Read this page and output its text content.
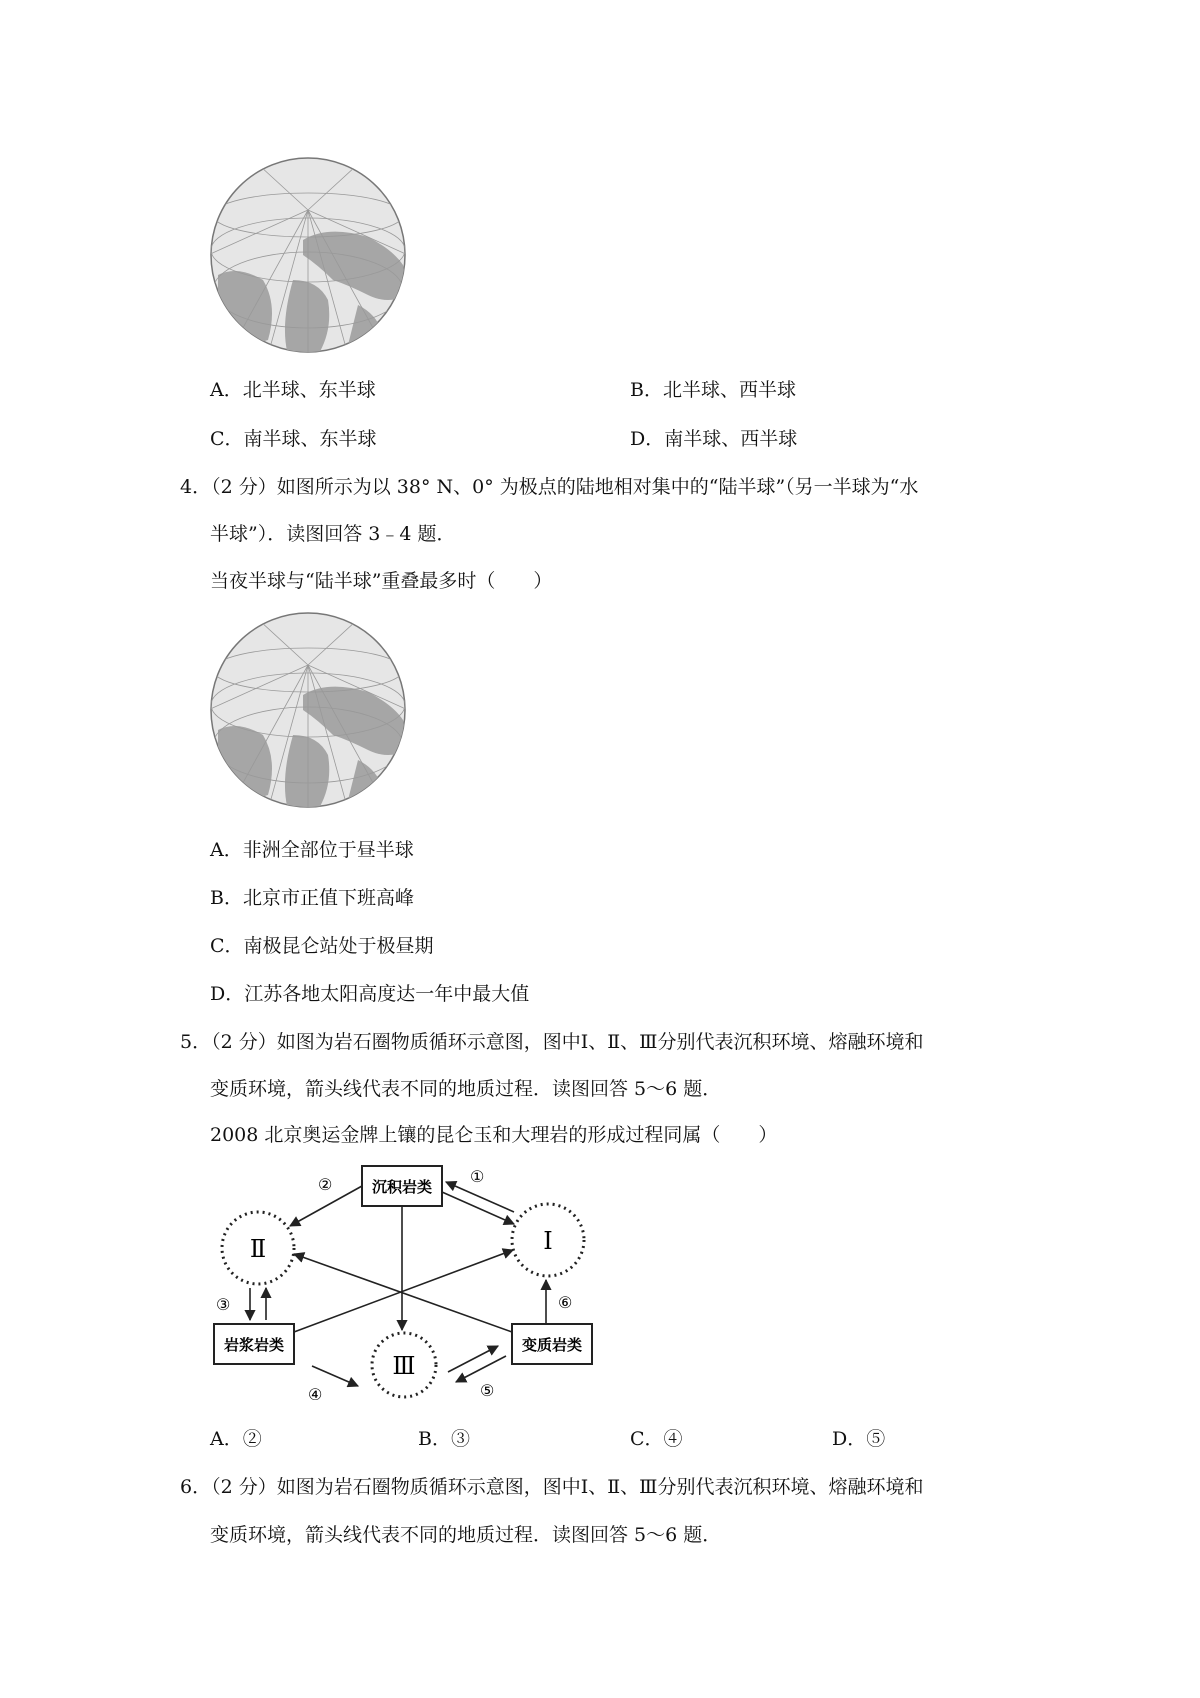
A．北半球、东半球	B．北半球、西半球
C．南半球、东半球	D．南半球、西半球
4．（2 分）如图所示为以 38° N、0° 为极点的陆地相对集中的“陆半球”（另一半球为“水
半球”）．读图回答 3﹣4 题．
当夜半球与“陆半球”重叠最多时（　　）
A．非洲全部位于昼半球
B．北京市正值下班高峰
C．南极昆仑站处于极昼期
D．江苏各地太阳高度达一年中最大值
5．（2 分）如图为岩石圈物质循环示意图，图中Ⅰ、Ⅱ、Ⅲ分别代表沉积环境、熔融环境和
变质环境，箭头线代表不同的地质过程．读图回答 5～6 题．
2008 北京奥运金牌上镶的昆仑玉和大理岩的形成过程同属（　　）
沉积岩类
岩浆岩类	变质岩类
Ⅱ	Ⅰ
Ⅲ
①
②
③
④	⑤
⑥
A．②	B．③	C．④	D．⑤
6．（2 分）如图为岩石圈物质循环示意图，图中Ⅰ、Ⅱ、Ⅲ分别代表沉积环境、熔融环境和
变质环境，箭头线代表不同的地质过程．读图回答 5～6 题．
